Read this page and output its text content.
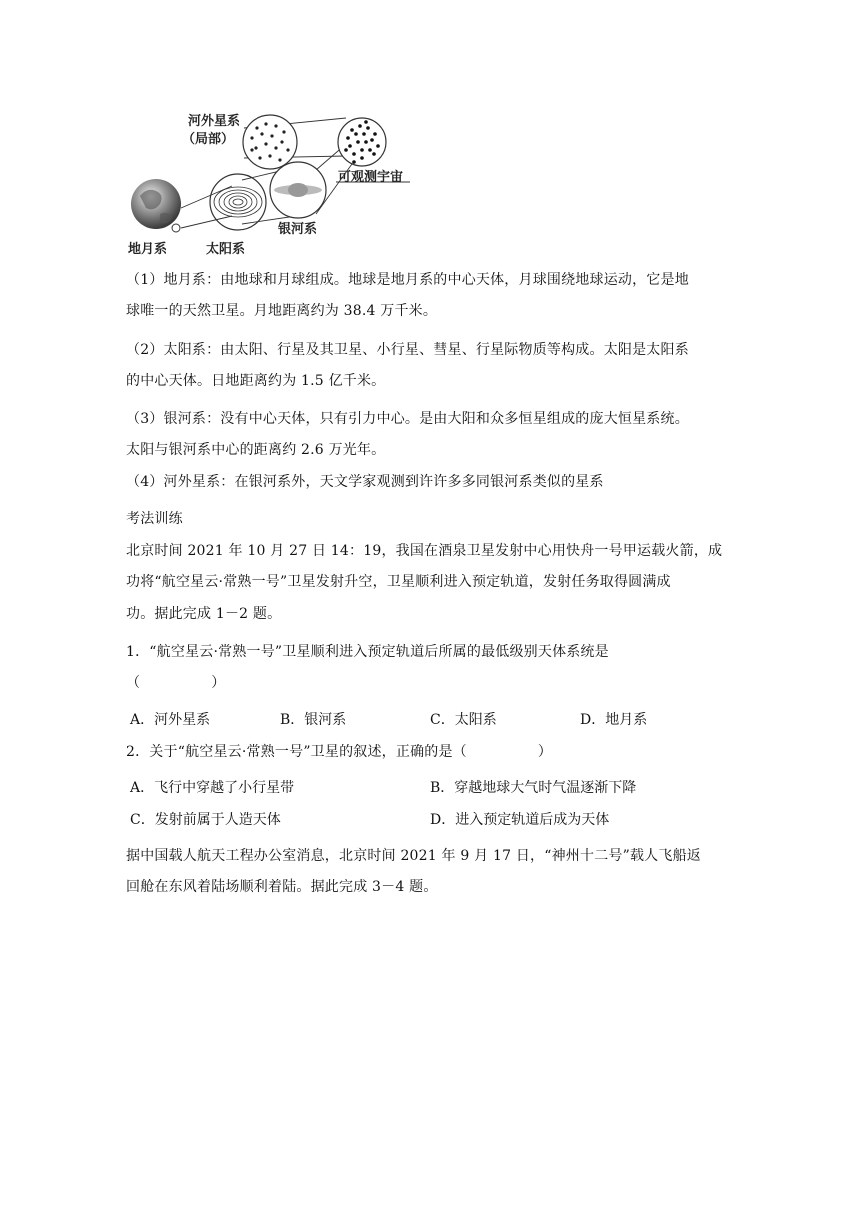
河外星系
（局部）
可观测宇宙
银河系
地月系	太阳系
（1）地月系：由地球和月球组成。地球是地月系的中心天体，月球围绕地球运动，它是地
球唯一的天然卫星。月地距离约为 38.4 万千米。
（2）太阳系：由太阳、行星及其卫星、小行星、彗星、行星际物质等构成。太阳是太阳系
的中心天体。日地距离约为 1.5 亿千米。
（3）银河系：没有中心天体，只有引力中心。是由大阳和众多恒星组成的庞大恒星系统。
太阳与银河系中心的距离约 2.6 万光年。
（4）河外星系：在银河系外，天文学家观测到许许多多同银河系类似的星系
考法训练
北京时间 2021 年 10 月 27 日 14：19，我国在酒泉卫星发射中心用快舟一号甲运载火箭，成
功将“航空星云·常熟一号”卫星发射升空，卫星顺利进入预定轨道，发射任务取得圆满成
功。据此完成 1－2 题。
1．“航空星云·常熟一号”卫星顺利进入预定轨道后所属的最低级别天体系统是
（　　　　　）
A．河外星系	B．银河系	C．太阳系	D．地月系
2．关于“航空星云·常熟一号”卫星的叙述，正确的是（　　　　　）
A．飞行中穿越了小行星带	B．穿越地球大气时气温逐渐下降
C．发射前属于人造天体	D．进入预定轨道后成为天体
据中国载人航天工程办公室消息，北京时间 2021 年 9 月 17 日，“神州十二号”载人飞船返
回舱在东风着陆场顺利着陆。据此完成 3－4 题。
